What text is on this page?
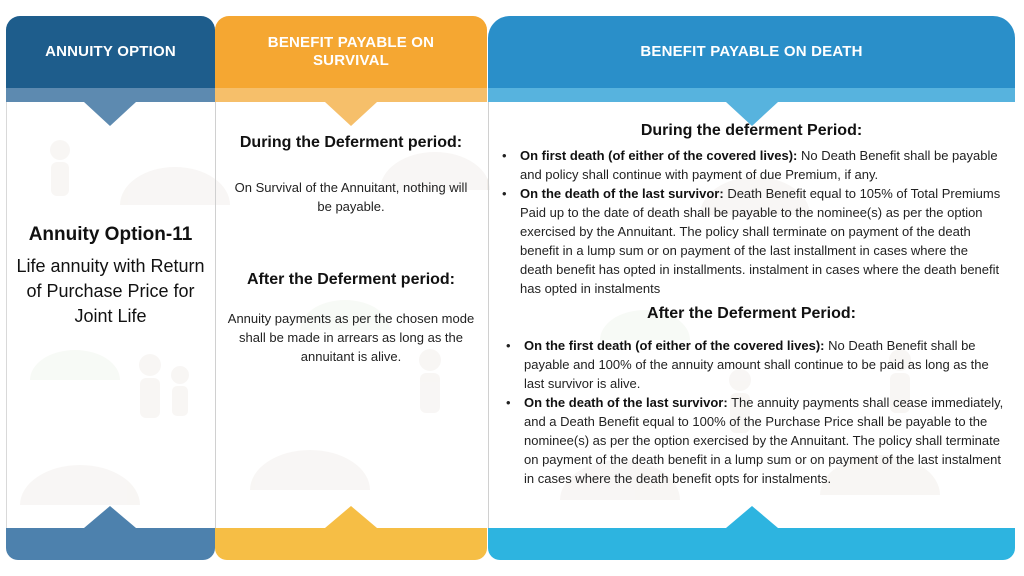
ANNUITY OPTION
Annuity Option-11
Life annuity with Return of Purchase Price for Joint Life
BENEFIT PAYABLE ON SURVIVAL
During the Deferment period:
On Survival of the Annuitant, nothing will be payable.
After the Deferment period:
Annuity payments as per the chosen mode shall be made in arrears as long as the annuitant is alive.
BENEFIT PAYABLE ON DEATH
During the deferment Period:
• On first death (of either of the covered lives): No Death Benefit shall be payable and policy shall continue with payment of due Premium, if any.
• On the death of the last survivor: Death Benefit equal to 105% of Total Premiums Paid up to the date of death shall be payable to the nominee(s) as per the option exercised by the Annuitant. The policy shall terminate on payment of the death benefit in a lump sum or on payment of the last installment in cases where the death benefit has opted in installments. instalment in cases where the death benefit has opted in instalments
After the Deferment Period:
• On the first death (of either of the covered lives): No Death Benefit shall be payable and 100% of the annuity amount shall continue to be paid as long as the last survivor is alive.
• On the death of the last survivor: The annuity payments shall cease immediately, and a Death Benefit equal to 100% of the Purchase Price shall be payable to the nominee(s) as per the option exercised by the Annuitant. The policy shall terminate on payment of the death benefit in a lump sum or on payment of the last instalment in cases where the death benefit opts for instalments.
